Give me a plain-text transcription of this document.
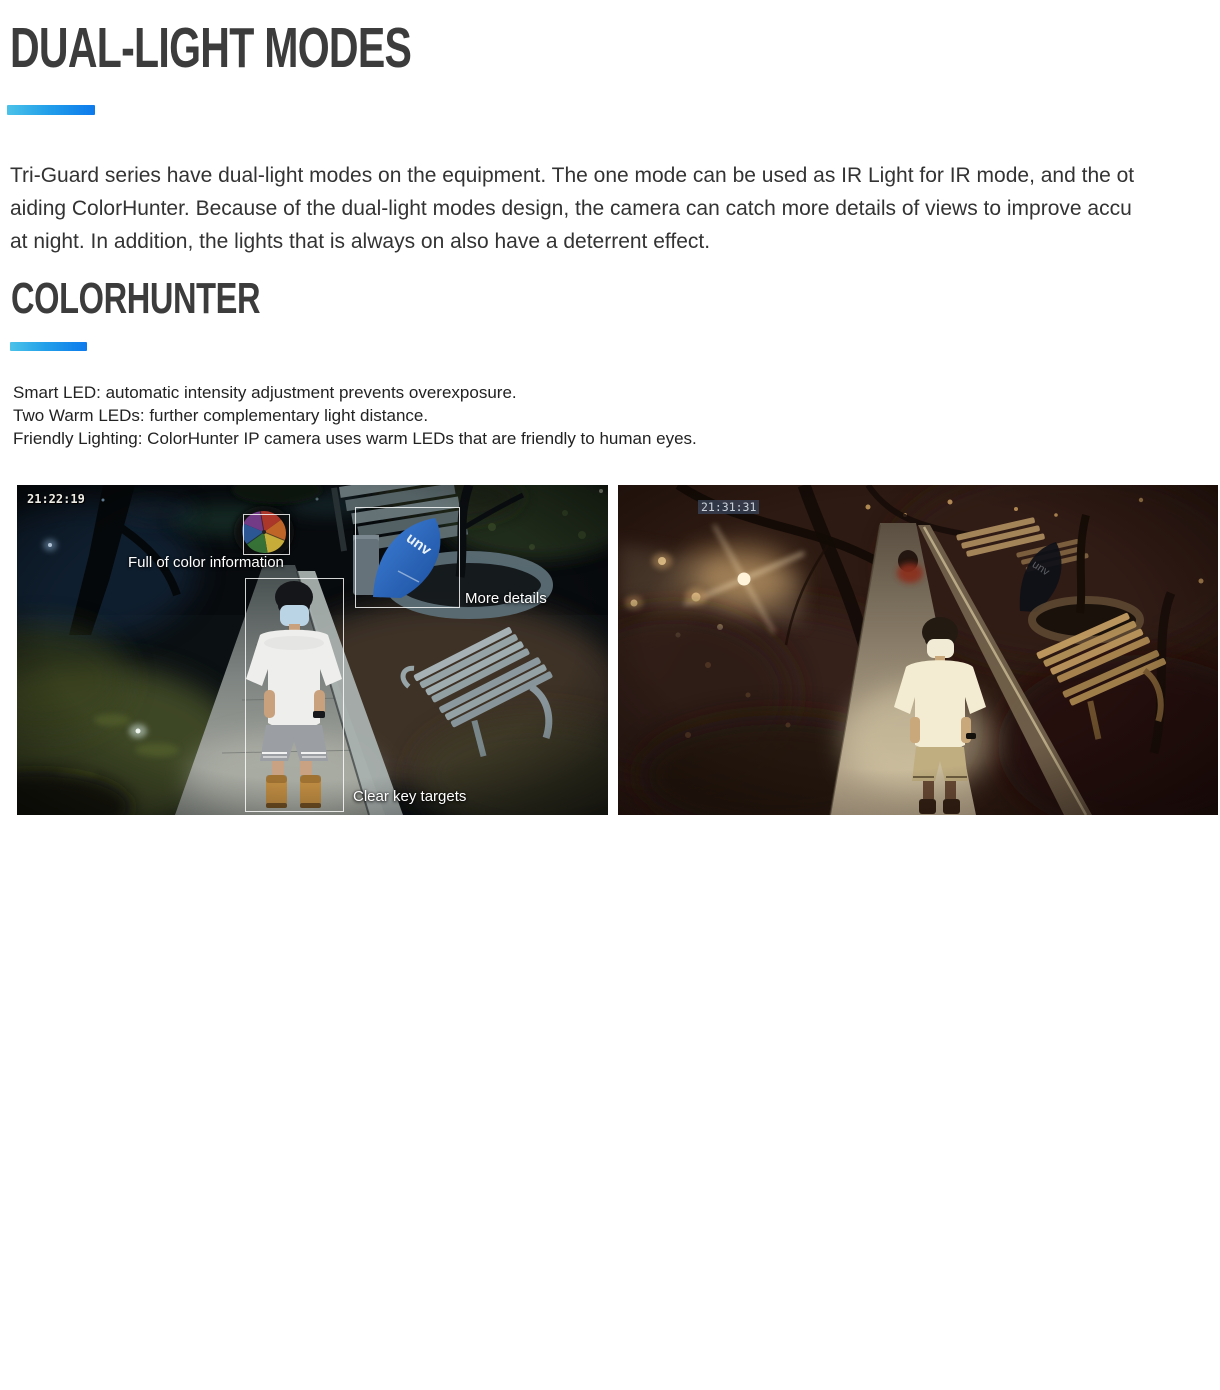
DUAL-LIGHT MODES
Tri-Guard series have dual-light modes on the equipment. The one mode can be used as IR Light for IR mode, and the ot
aiding ColorHunter. Because of the dual-light modes design, the camera can catch more details of views to improve accu
at night. In addition, the lights that is always on also have a deterrent effect.
COLORHUNTER
Smart LED: automatic intensity adjustment prevents overexposure.
Two Warm LEDs: further complementary light distance.
Friendly Lighting: ColorHunter IP camera uses warm LEDs that are friendly to human eyes.
21:22:19
Full of color information
More details
Clear key targets
21:31:31
